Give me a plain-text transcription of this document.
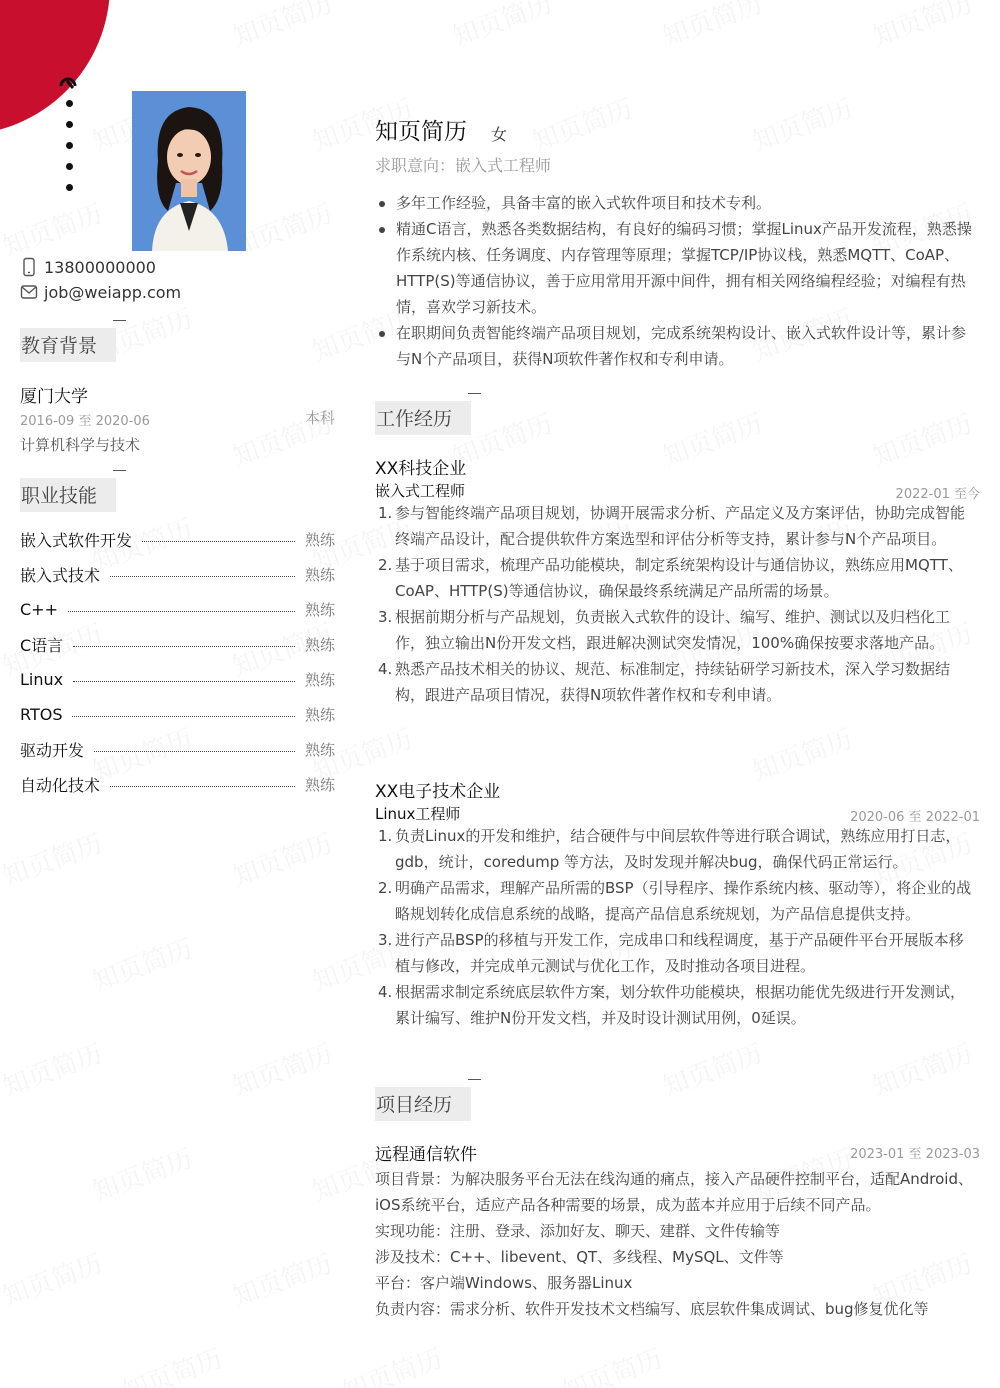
13800000000
job@weiapp.com
教育背景
厦门大学
2016-09 至 2020-06	本科
计算机科学与技术
职业技能
嵌入式软件开发	熟练
嵌入式技术	熟练
C++	熟练
C语言	熟练
Linux	熟练
RTOS	熟练
驱动开发	熟练
自动化技术	熟练
知页简历 女
求职意向：嵌入式工程师
多年工作经验，具备丰富的嵌入式软件项目和技术专利。
精通C语言，熟悉各类数据结构，有良好的编码习惯；掌握Linux产品开发流程，熟悉操作系统内核、任务调度、内存管理等原理；掌握TCP/IP协议栈，熟悉MQTT、CoAP、HTTP(S)等通信协议，善于应用常用开源中间件，拥有相关网络编程经验；对编程有热情，喜欢学习新技术。
在职期间负责智能终端产品项目规划，完成系统架构设计、嵌入式软件设计等，累计参与N个产品项目，获得N项软件著作权和专利申请。
工作经历
XX科技企业
嵌入式工程师	2022-01 至今
1. 参与智能终端产品项目规划，协调开展需求分析、产品定义及方案评估，协助完成智能终端产品设计，配合提供软件方案选型和评估分析等支持，累计参与N个产品项目。
2. 基于项目需求，梳理产品功能模块，制定系统架构设计与通信协议，熟练应用MQTT、CoAP、HTTP(S)等通信协议，确保最终系统满足产品所需的场景。
3. 根据前期分析与产品规划，负责嵌入式软件的设计、编写、维护、测试以及归档化工作，独立输出N份开发文档，跟进解决测试突发情况，100%确保按要求落地产品。
4. 熟悉产品技术相关的协议、规范、标准制定，持续钻研学习新技术，深入学习数据结构，跟进产品项目情况，获得N项软件著作权和专利申请。
XX电子技术企业
Linux工程师	2020-06 至 2022-01
1. 负责Linux的开发和维护，结合硬件与中间层软件等进行联合调试，熟练应用打日志，gdb，统计，coredump 等方法，及时发现并解决bug，确保代码正常运行。
2. 明确产品需求，理解产品所需的BSP（引导程序、操作系统内核、驱动等），将企业的战略规划转化成信息系统的战略，提高产品信息系统规划，为产品信息提供支持。
3. 进行产品BSP的移植与开发工作，完成串口和线程调度，基于产品硬件平台开展版本移植与修改，并完成单元测试与优化工作，及时推动各项目进程。
4. 根据需求制定系统底层软件方案，划分软件功能模块，根据功能优先级进行开发测试，累计编写、维护N份开发文档，并及时设计测试用例，0延误。
项目经历
远程通信软件	2023-01 至 2023-03
项目背景：为解决服务平台无法在线沟通的痛点，接入产品硬件控制平台，适配Android、iOS系统平台，适应产品各种需要的场景，成为蓝本并应用于后续不同产品。
实现功能：注册、登录、添加好友、聊天、建群、文件传输等
涉及技术：C++、libevent、QT、多线程、MySQL、文件等
平台：客户端Windows、服务器Linux
负责内容：需求分析、软件开发技术文档编写、底层软件集成调试、bug修复优化等
